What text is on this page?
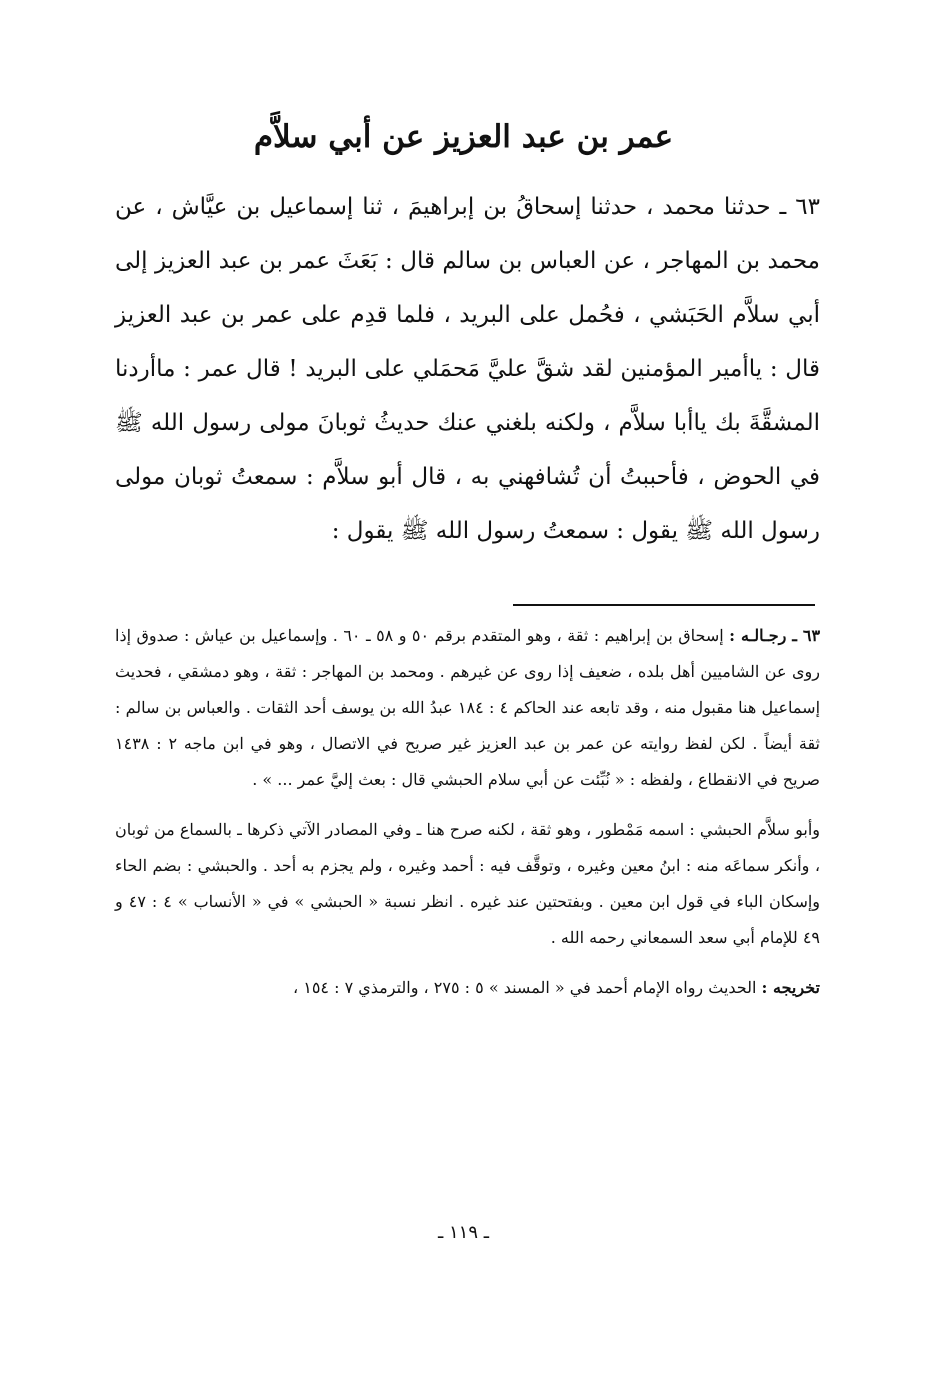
عمر بن عبد العزيز عن أبي سلاَّم

٦٣ ـ حدثنا محمد ، حدثنا إسحاقُ بن إبراهيمَ ، ثنا إسماعيل بن عيَّاش ، عن محمد بن المهاجر ، عن العباس بن سالم قال : بَعَثَ عمر بن عبد العزيز إلى أبي سلاَّم الحَبَشي ، فحُمل على البريد ، فلما قدِم على عمر بن عبد العزيز قال : ياأمير المؤمنين لقد شقَّ عليَّ مَحمَلي على البريد ! قال عمر : ماأردنا المشقَّةَ بك ياأبا سلاَّم ، ولكنه بلغني عنك حديثُ ثوبانَ مولى رسول الله ﷺ في الحوض ، فأحببتُ أن تُشافهني به ، قال أبو سلاَّم : سمعتُ ثوبان مولى رسول الله ﷺ يقول : سمعتُ رسول الله ﷺ يقول :

٦٣ ـ رجـالـه : إسحاق بن إبراهيم : ثقة ، وهو المتقدم برقم ٥٠ و ٥٨ ـ ٦٠ . وإسماعيل بن عياش : صدوق إذا روى عن الشاميين أهل بلده ، ضعيف إذا روى عن غيرهم . ومحمد بن المهاجر : ثقة ، وهو دمشقي ، فحديث إسماعيل هنا مقبول منه ، وقد تابعه عند الحاكم ٤ : ١٨٤ عبدُ الله بن يوسف أحد الثقات . والعباس بن سالم : ثقة أيضاً . لكن لفظ روايته عن عمر بن عبد العزيز غير صريح في الاتصال ، وهو في ابن ماجه ٢ : ١٤٣٨ صريح في الانقطاع ، ولفظه : « نُبِّئت عن أبي سلام الحبشي قال : بعث إليَّ عمر ... » .

وأبو سلاَّم الحبشي : اسمه مَمْطور ، وهو ثقة ، لكنه صرح هنا ـ وفي المصادر الآتي ذكرها ـ بالسماع من ثوبان ، وأنكر سماعَه منه : ابنُ معين وغيره ، وتوقَّف فيه : أحمد وغيره ، ولم يجزم به أحد . والحبشي : بضم الحاء وإسكان الباء في قول ابن معين . وبفتحتين عند غيره . انظر نسبة « الحبشي » في « الأنساب » ٤ : ٤٧ و ٤٩ للإمام أبي سعد السمعاني رحمه الله .

تخريجه : الحديث رواه الإمام أحمد في « المسند » ٥ : ٢٧٥ ، والترمذي ٧ : ١٥٤ ،

ـ ١١٩ ـ
